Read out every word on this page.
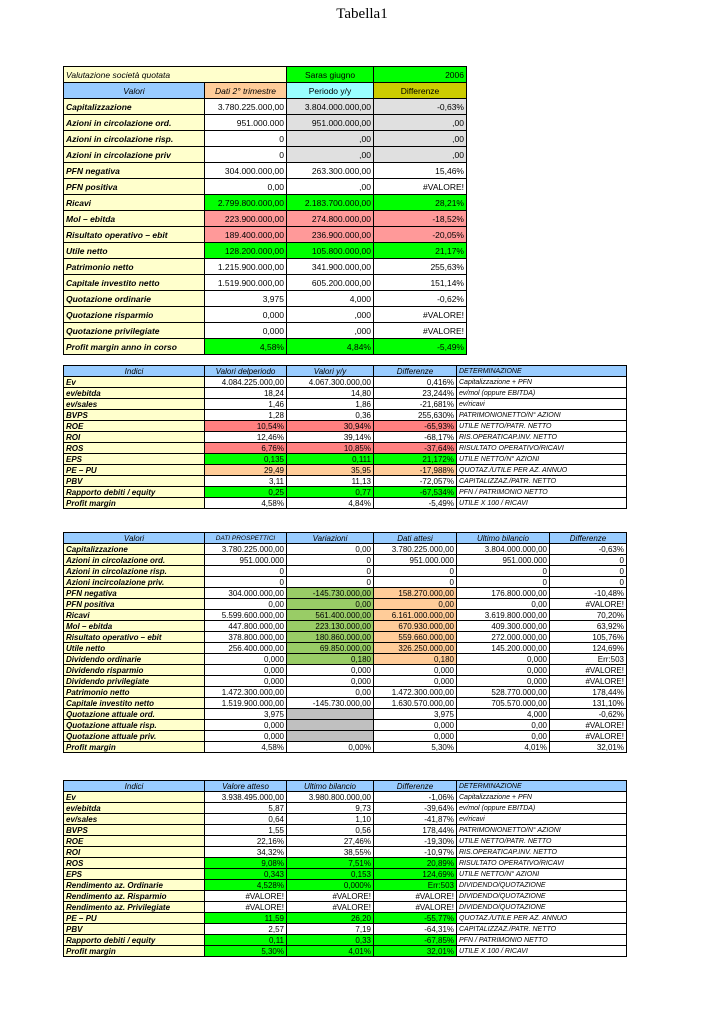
Tabella1
Valutazione società quotata		Saras giugno	2006
Valori	Dati 2° trimestre	Periodo y/y	Differenze
Capitalizzazione	3.780.225.000,00	3.804.000.000,00	-0,63%
Azioni in circolazione ord.	951.000.000	951.000.000,00	,00
Azioni in circolazione risp.	0	,00	,00
Azioni in circolazione priv	0	,00	,00
PFN negativa	304.000.000,00	263.300.000,00	15,46%
PFN positiva	0,00	,00	#VALORE!
Ricavi	2.799.800.000,00	2.183.700.000,00	28,21%
Mol – ebitda	223.900.000,00	274.800.000,00	-18,52%
Risultato operativo – ebit	189.400.000,00	236.900.000,00	-20,05%
Utile netto	128.200.000,00	105.800.000,00	21,17%
Patrimonio netto	1.215.900.000,00	341.900.000,00	255,63%
Capitale investito netto	1.519.900.000,00	605.200.000,00	151,14%
Quotazione ordinarie	3,975	4,000	-0,62%
Quotazione risparmio	0,000	,000	#VALORE!
Quotazione privilegiate	0,000	,000	#VALORE!
Profit margin anno in corso	4,58%	4,84%	-5,49%
Indici	Valori delperiodo	Valori y/y	Differenze	DETERMINAZIONE
Ev	4.084.225.000,00	4.067.300.000,00	0,416%	Capitalizzazione + PFN
ev/ebitda	18,24	14,80	23,244%	ev/mol (oppure EBITDA)
ev/sales	1,46	1,86	-21,681%	ev/ricavi
BVPS	1,28	0,36	255,630%	PATRIMONIONETTO/N° AZIONI
ROE	10,54%	30,94%	-65,93%	UTILE NETTO/PATR. NETTO
ROI	12,46%	39,14%	-68,17%	RIS.OPERATICAP.INV. NETTO
ROS	6,76%	10,85%	-37,64%	RISULTATO OPERATIVO/RICAVI
EPS	0,135	0,111	21,172%	UTILE NETTO/N° AZIONI
PE – PU	29,49	35,95	-17,988%	QUOTAZ./UTILE PER AZ. ANNUO
PBV	3,11	11,13	-72,057%	CAPITALIZZAZ./PATR. NETTO
Rapporto debiti / equity	0,25	0,77	-67,534%	PFN / PATRIMONIO NETTO
Profit margin	4,58%	4,84%	-5,49%	UTILE X 100 / RICAVI
Valori	DATI PROSPETTICI	Variazioni	Dati attesi	Ultimo bilancio	Differenze
Capitalizzazione	3.780.225.000,00	0,00	3.780.225.000,00	3.804.000.000,00	-0,63%
Azioni in circolazione ord.	951.000.000	0	951.000.000	951.000.000	0
Azioni in circolazione risp.	0	0	0	0	0
Azioni incircolazione priv.	0	0	0	0	0
PFN negativa	304.000.000,00	-145.730.000,00	158.270.000,00	176.800.000,00	-10,48%
PFN positiva	0,00	0,00	0,00	0,00	#VALORE!
Ricavi	5.599.600.000,00	561.400.000,00	6.161.000.000,00	3.619.800.000,00	70,20%
Mol – ebitda	447.800.000,00	223.130.000,00	670.930.000,00	409.300.000,00	63,92%
Risultato operativo – ebit	378.800.000,00	180.860.000,00	559.660.000,00	272.000.000,00	105,76%
Utile netto	256.400.000,00	69.850.000,00	326.250.000,00	145.200.000,00	124,69%
Dividendo ordinarie	0,000	0,180	0,180	0,000	Err:503
Dividendo risparmio	0,000	0,000	0,000	0,000	#VALORE!
Dividendo privilegiate	0,000	0,000	0,000	0,000	#VALORE!
Patrimonio netto	1.472.300.000,00	0,00	1.472.300.000,00	528.770.000,00	178,44%
Capitale investito netto	1.519.900.000,00	-145.730.000,00	1.630.570.000,00	705.570.000,00	131,10%
Quotazione attuale ord.	3,975		3,975	4,000	-0,62%
Quotazione attuale risp.	0,000		0,000	0,00	#VALORE!
Quotazione attuale priv.	0,000		0,000	0,00	#VALORE!
Profit margin	4,58%	0,00%	5,30%	4,01%	32,01%
Indici	Valore atteso	Ultimo bilancio	Differenze	DETERMINAZIONE
Ev	3.938.495.000,00	3.980.800.000,00	-1,06%	Capitalizzazione + PFN
ev/ebitda	5,87	9,73	-39,64%	ev/mol (oppure EBITDA)
ev/sales	0,64	1,10	-41,87%	ev/ricavi
BVPS	1,55	0,56	178,44%	PATRIMONIONETTO/N° AZIONI
ROE	22,16%	27,46%	-19,30%	UTILE NETTO/PATR. NETTO
ROI	34,32%	38,55%	-10,97%	RIS.OPERATICAP.INV. NETTO
ROS	9,08%	7,51%	20,89%	RISULTATO OPERATIVO/RICAVI
EPS	0,343	0,153	124,69%	UTILE NETTO/N° AZIONI
Rendimento az. Ordinarie	4,528%	0,000%	Err:503	DIVIDENDO/QUOTAZIONE
Rendimento az. Risparmio	#VALORE!	#VALORE!	#VALORE!	DIVIDENDO/QUOTAZIONE
Rendimento az. Privilegiate	#VALORE!	#VALORE!	#VALORE!	DIVIDENDO/QUOTAZIONE
PE – PU	11,59	26,20	-55,77%	QUOTAZ./UTILE PER AZ. ANNUO
PBV	2,57	7,19	-64,31%	CAPITALIZZAZ./PATR. NETTO
Rapporto debiti / equity	0,11	0,33	-67,85%	PFN / PATRIMONIO NETTO
Profit margin	5,30%	4,01%	32,01%	UTILE X 100 / RICAVI
